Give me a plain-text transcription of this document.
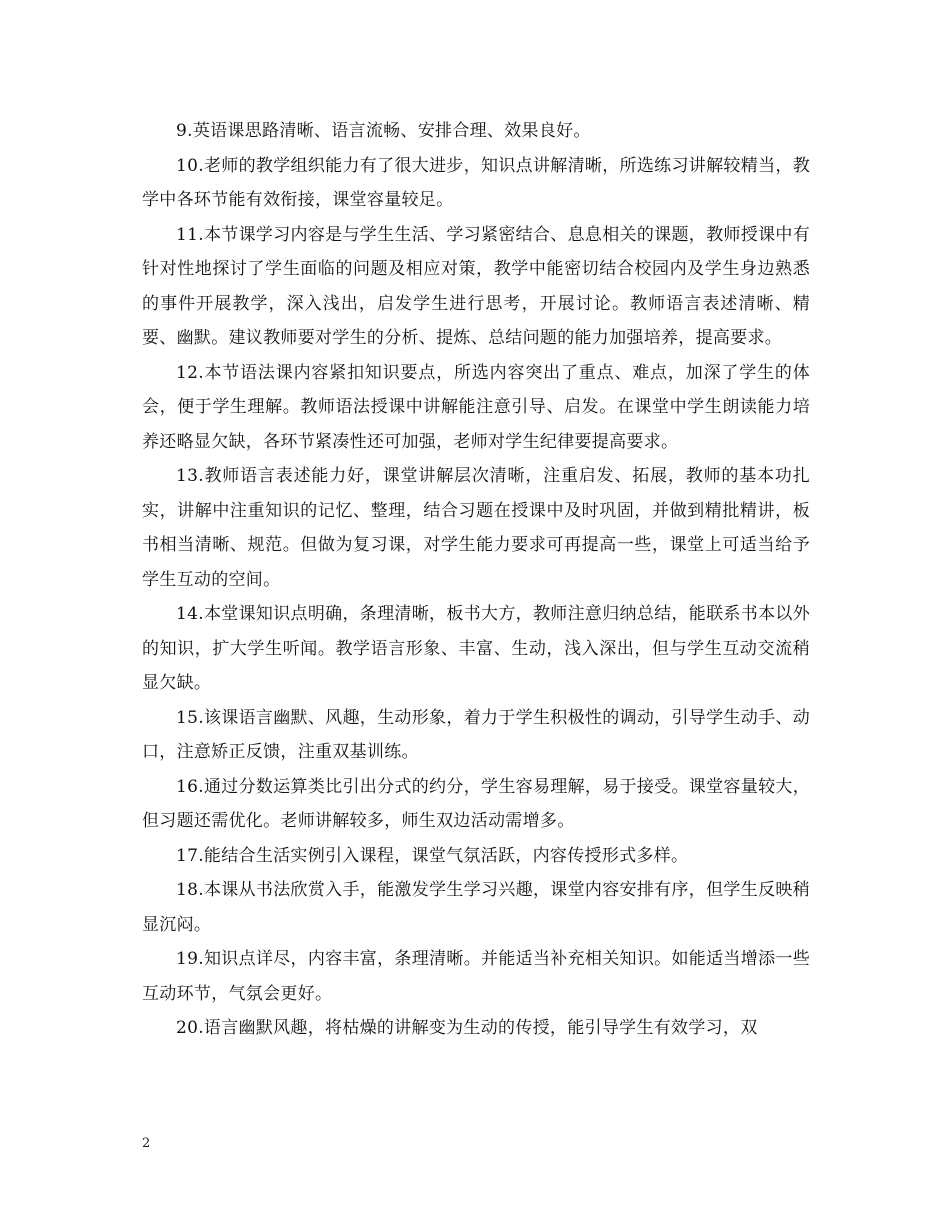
9.英语课思路清晰、语言流畅、安排合理、效果良好。

10.老师的教学组织能力有了很大进步，知识点讲解清晰，所选练习讲解较精当，教学中各环节能有效衔接，课堂容量较足。

11.本节课学习内容是与学生生活、学习紧密结合、息息相关的课题，教师授课中有针对性地探讨了学生面临的问题及相应对策，教学中能密切结合校园内及学生身边熟悉的事件开展教学，深入浅出，启发学生进行思考，开展讨论。教师语言表述清晰、精要、幽默。建议教师要对学生的分析、提炼、总结问题的能力加强培养，提高要求。

12.本节语法课内容紧扣知识要点，所选内容突出了重点、难点，加深了学生的体会，便于学生理解。教师语法授课中讲解能注意引导、启发。在课堂中学生朗读能力培养还略显欠缺，各环节紧凑性还可加强，老师对学生纪律要提高要求。

13.教师语言表述能力好，课堂讲解层次清晰，注重启发、拓展，教师的基本功扎实，讲解中注重知识的记忆、整理，结合习题在授课中及时巩固，并做到精批精讲，板书相当清晰、规范。但做为复习课，对学生能力要求可再提高一些，课堂上可适当给予学生互动的空间。

14.本堂课知识点明确，条理清晰，板书大方，教师注意归纳总结，能联系书本以外的知识，扩大学生听闻。教学语言形象、丰富、生动，浅入深出，但与学生互动交流稍显欠缺。

15.该课语言幽默、风趣，生动形象，着力于学生积极性的调动，引导学生动手、动口，注意矫正反馈，注重双基训练。

16.通过分数运算类比引出分式的约分，学生容易理解，易于接受。课堂容量较大，但习题还需优化。老师讲解较多，师生双边活动需增多。

17.能结合生活实例引入课程，课堂气氛活跃，内容传授形式多样。

18.本课从书法欣赏入手，能激发学生学习兴趣，课堂内容安排有序，但学生反映稍显沉闷。

19.知识点详尽，内容丰富，条理清晰。并能适当补充相关知识。如能适当增添一些互动环节，气氛会更好。

20.语言幽默风趣，将枯燥的讲解变为生动的传授，能引导学生有效学习，双

2
